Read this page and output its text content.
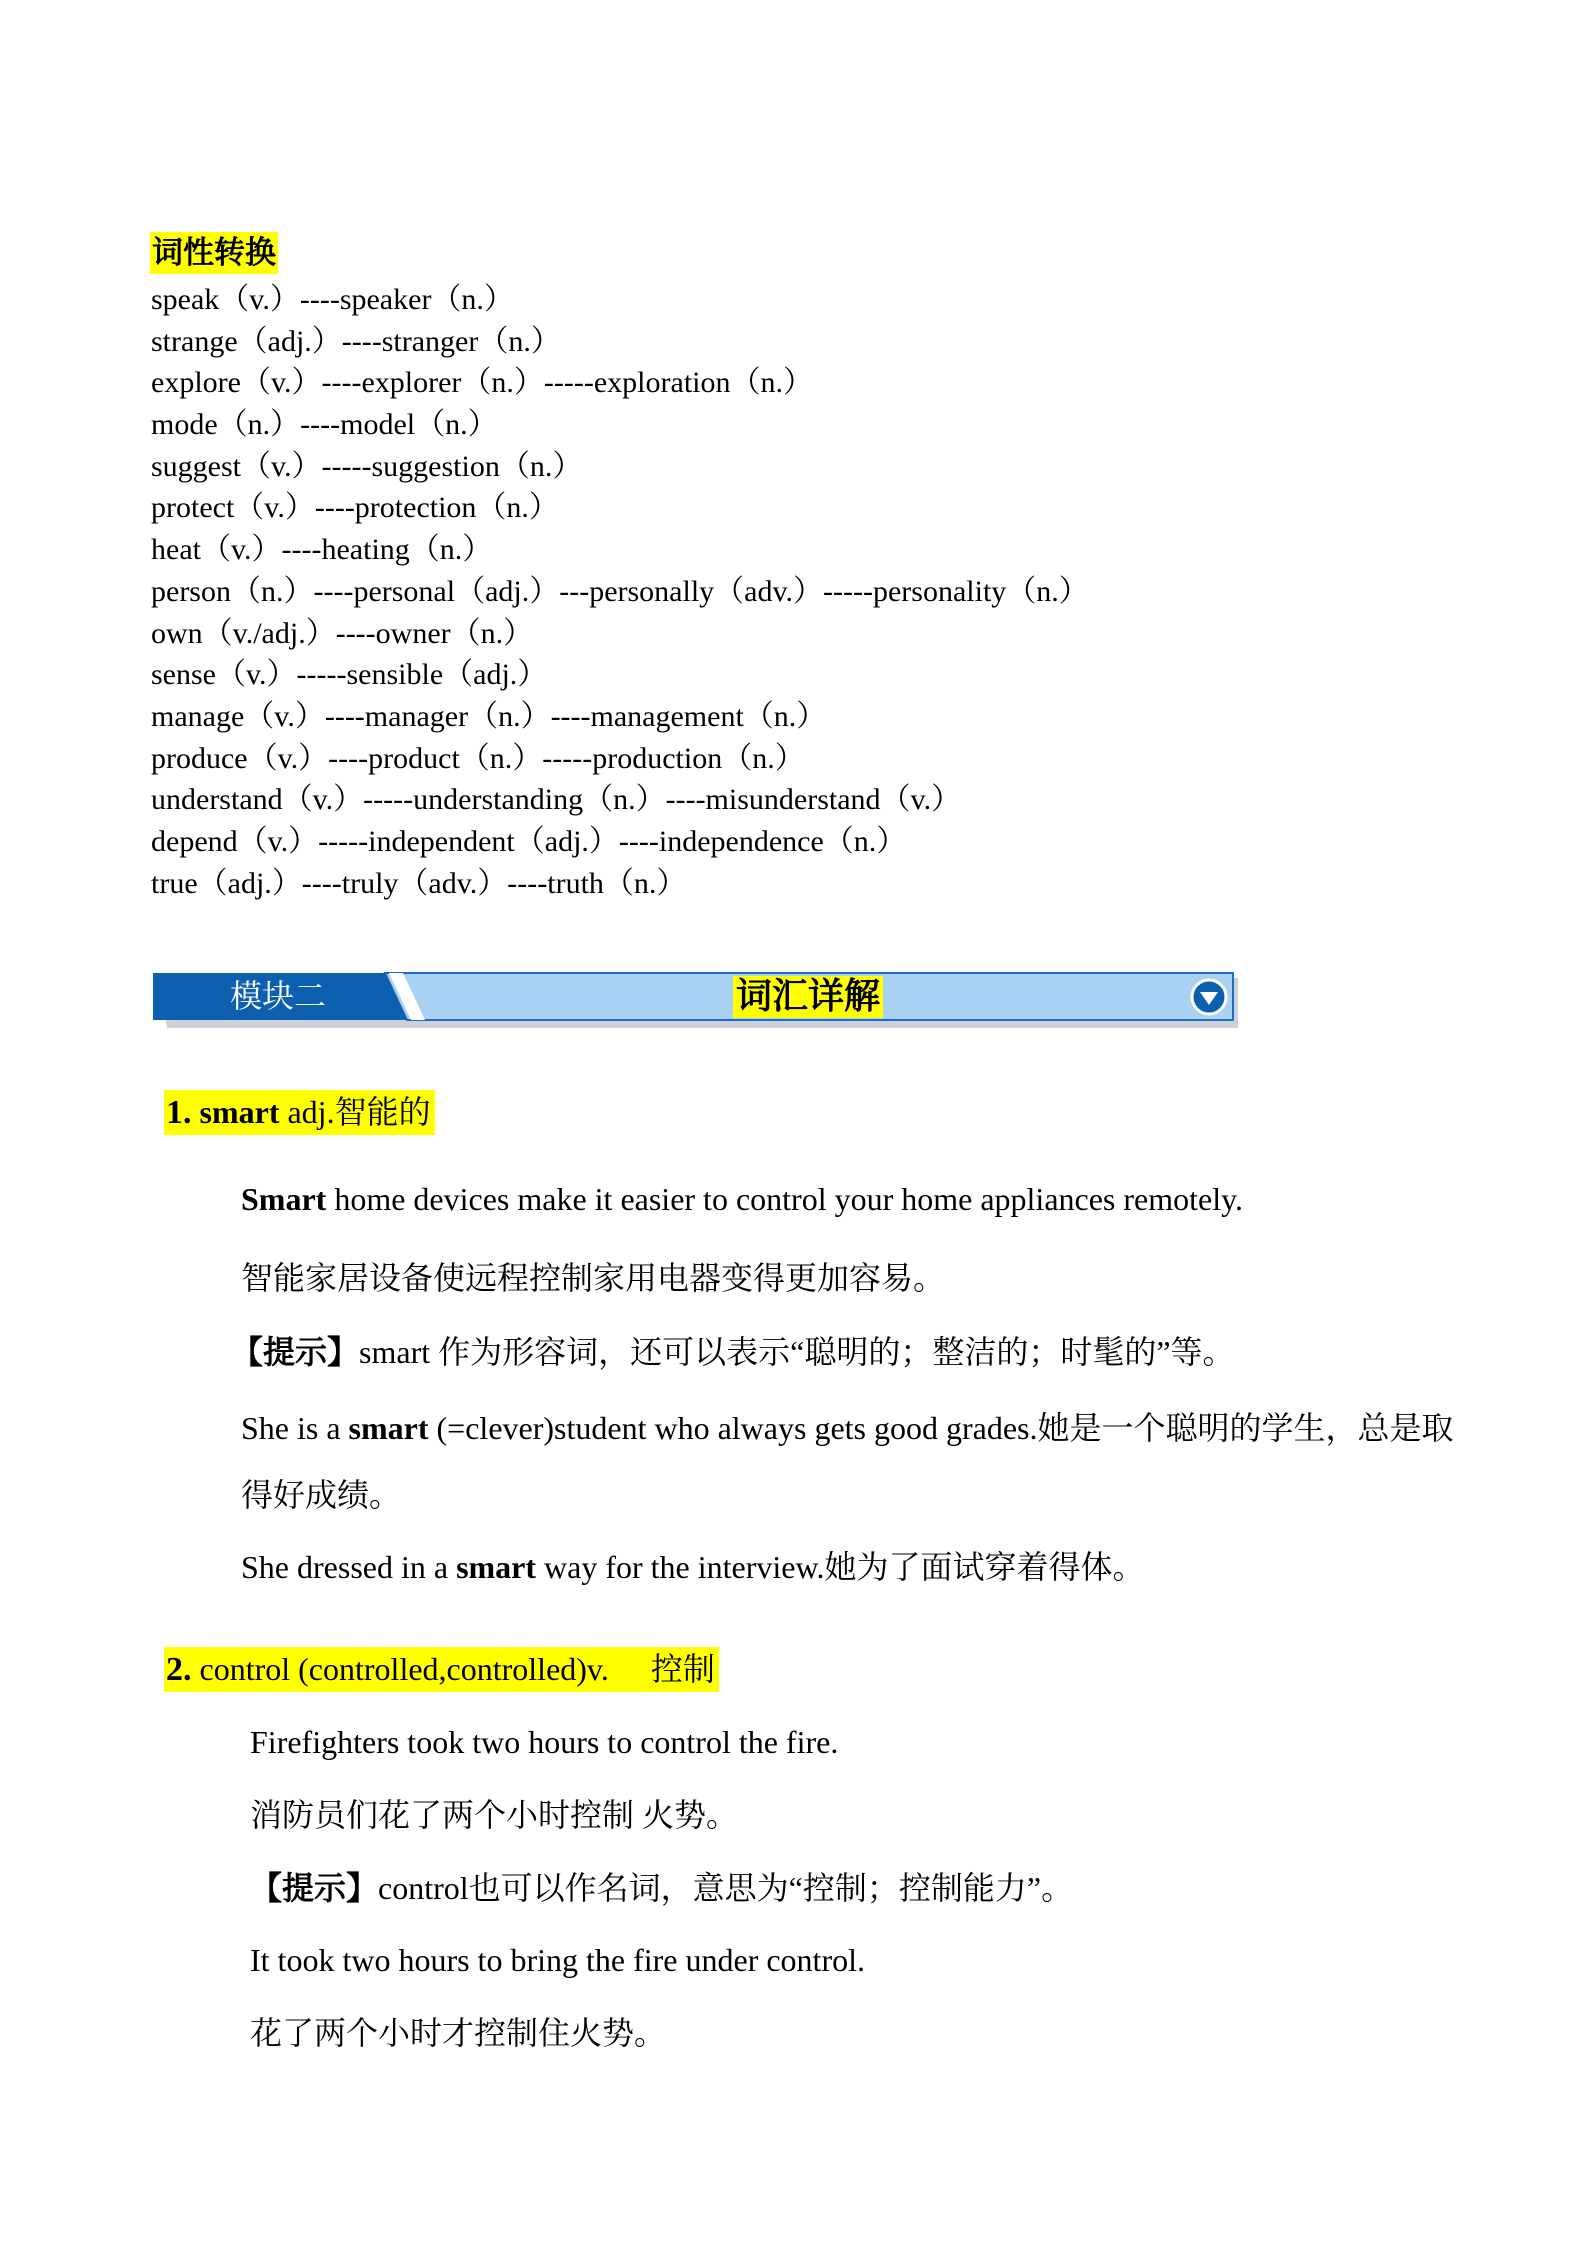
词性转换
speak（v.）----speaker（n.）
strange（adj.）----stranger（n.）
explore（v.）----explorer（n.）-----exploration（n.）
mode（n.）----model（n.）
suggest（v.）-----suggestion（n.）
protect（v.）----protection（n.）
heat（v.）----heating（n.）
person（n.）----personal（adj.）---personally（adv.）-----personality（n.）
own（v./adj.）----owner（n.）
sense（v.）-----sensible（adj.）
manage（v.）----manager（n.）----management（n.）
produce（v.）----product（n.）-----production（n.）
understand（v.）-----understanding（n.）----misunderstand（v.）
depend（v.）-----independent（adj.）----independence（n.）
true（adj.）----truly（adv.）----truth（n.）
模块二	词汇详解
1. smart adj.智能的
Smart home devices make it easier to control your home appliances remotely.
智能家居设备使远程控制家用电器变得更加容易。
【提示】smart 作为形容词，还可以表示“聪明的；整洁的；时髦的”等。
She is a smart (=clever)student who always gets good grades.她是一个聪明的学生，总是取
得好成绩。
She dressed in a smart way for the interview.她为了面试穿着得体。
2. control (controlled,controlled)v. 控制
Firefighters took two hours to control the fire.
消防员们花了两个小时控制 火势。
【提示】control也可以作名词，意思为“控制；控制能力”。
It took two hours to bring the fire under control.
花了两个小时才控制住火势。
